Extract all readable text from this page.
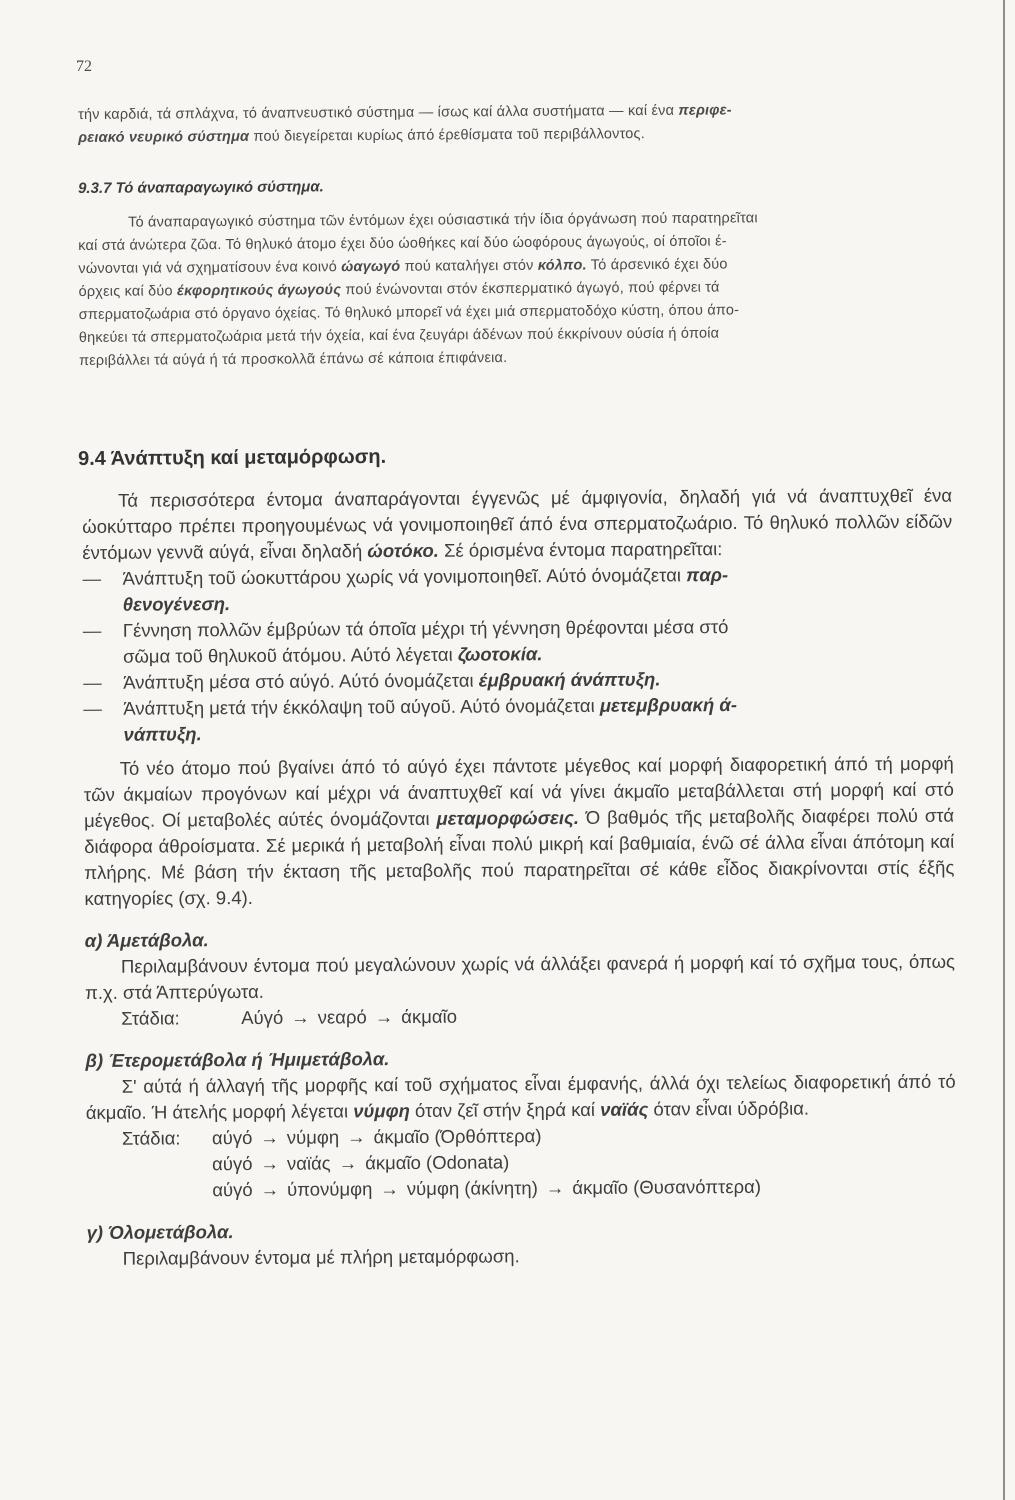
72

τήν καρδιά, τά σπλάχνα, τό άναπνευστικό σύστημα — ίσως καί άλλα συστήματα — καί ένα περιφε-
ρειακό νευρικό σύστημα πού διεγείρεται κυρίως άπό έρεθίσματα τοῦ περιβάλλοντος.

9.3.7 Τό άναπαραγωγικό σύστημα.

Τό άναπαραγωγικό σύστημα τῶν έντόμων έχει ούσιαστικά τήν ίδια όργάνωση πού παρατηρεῖται

καί στά άνώτερα ζῶα. Τό θηλυκό άτομο έχει δύο ώοθήκες καί δύο ώοφόρους άγωγούς, οί όποῖοι έ-

νώνονται γιά νά σχηματίσουν ένα κοινό ώαγωγό πού καταλήγει στόν κόλπο. Τό άρσενικό έχει δύο

όρχεις καί δύο έκφορητικούς άγωγούς πού ένώνονται στόν έκσπερματικό άγωγό, πού φέρνει τά

σπερματοζωάρια στό όργανο όχείας. Τό θηλυκό μπορεῖ νά έχει μιά σπερματοδόχο κύστη, όπου άπο-

θηκεύει τά σπερματοζωάρια μετά τήν όχεία, καί ένα ζευγάρι άδένων πού έκκρίνουν ούσία ή όποία

περιβάλλει τά αύγά ή τά προσκολλᾶ έπάνω σέ κάποια έπιφάνεια.

9.4 Άνάπτυξη καί μεταμόρφωση.

Τά περισσότερα έντομα άναπαράγονται έγγενῶς μέ άμφιγονία, δηλαδή γιά νά άναπτυχθεῖ ένα ώοκύτταρο πρέπει προηγουμένως νά γονιμοποιηθεῖ άπό ένα σπερματοζωάριο. Τό θηλυκό πολλῶν είδῶν έντόμων γεννᾶ αύγά, εἶναι δηλαδή ώοτόκο. Σέ όρισμένα έντομα παρατηρεῖται:

—	Άνάπτυξη τοῦ ώοκυττάρου χωρίς νά γονιμοποιηθεῖ. Αύτό όνομάζεται παρ-
θενογένεση.
—	Γέννηση πολλῶν έμβρύων τά όποῖα μέχρι τή γέννηση θρέφονται μέσα στό
σῶμα τοῦ θηλυκοῦ άτόμου. Αύτό λέγεται ζωοτοκία.
—	Άνάπτυξη μέσα στό αύγό. Αύτό όνομάζεται έμβρυακή άνάπτυξη.
—	Άνάπτυξη μετά τήν έκκόλαψη τοῦ αύγοῦ. Αύτό όνομάζεται μετεμβρυακή ά-
νάπτυξη.

Τό νέο άτομο πού βγαίνει άπό τό αύγό έχει πάντοτε μέγεθος καί μορφή διαφορετική άπό τή μορφή τῶν άκμαίων προγόνων καί μέχρι νά άναπτυχθεῖ καί νά γίνει άκμαῖο μεταβάλλεται στή μορφή καί στό μέγεθος. Οί μεταβολές αύτές όνομάζονται μεταμορφώσεις. Ό βαθμός τῆς μεταβολῆς διαφέρει πολύ στά διάφορα άθροίσματα. Σέ μερικά ή μεταβολή εἶναι πολύ μικρή καί βαθμιαία, ένῶ σέ άλλα εἶναι άπότομη καί πλήρης. Μέ βάση τήν έκταση τῆς μεταβολῆς πού παρατηρεῖται σέ κάθε εἶδος διακρίνονται στίς έξῆς κατηγορίες (σχ. 9.4).

α) Άμετάβολα.

Περιλαμβάνουν έντομα πού μεγαλώνουν χωρίς νά άλλάξει φανερά ή μορφή καί τό σχῆμα τους, όπως π.χ. στά Άπτερύγωτα.

Στάδια:	Αύγό → νεαρό → άκμαῖο
β) Έτερομετάβολα ή Ήμιμετάβολα.

Σ' αύτά ή άλλαγή τῆς μορφῆς καί τοῦ σχήματος εἶναι έμφανής, άλλά όχι τελείως διαφορετική άπό τό άκμαῖο. Ή άτελής μορφή λέγεται νύμφη όταν ζεῖ στήν ξηρά καί ναϊάς όταν εἶναι ύδρόβια.

Στάδια:	αύγό → νύμφη → άκμαῖο (Όρθόπτερα)
αύγό → ναϊάς → άκμαῖο (Odonata)
αύγό → ύπονύμφη → νύμφη (άκίνητη) → άκμαῖο (Θυσανόπτερα)
γ) Όλομετάβολα.

Περιλαμβάνουν έντομα μέ πλήρη μεταμόρφωση.
